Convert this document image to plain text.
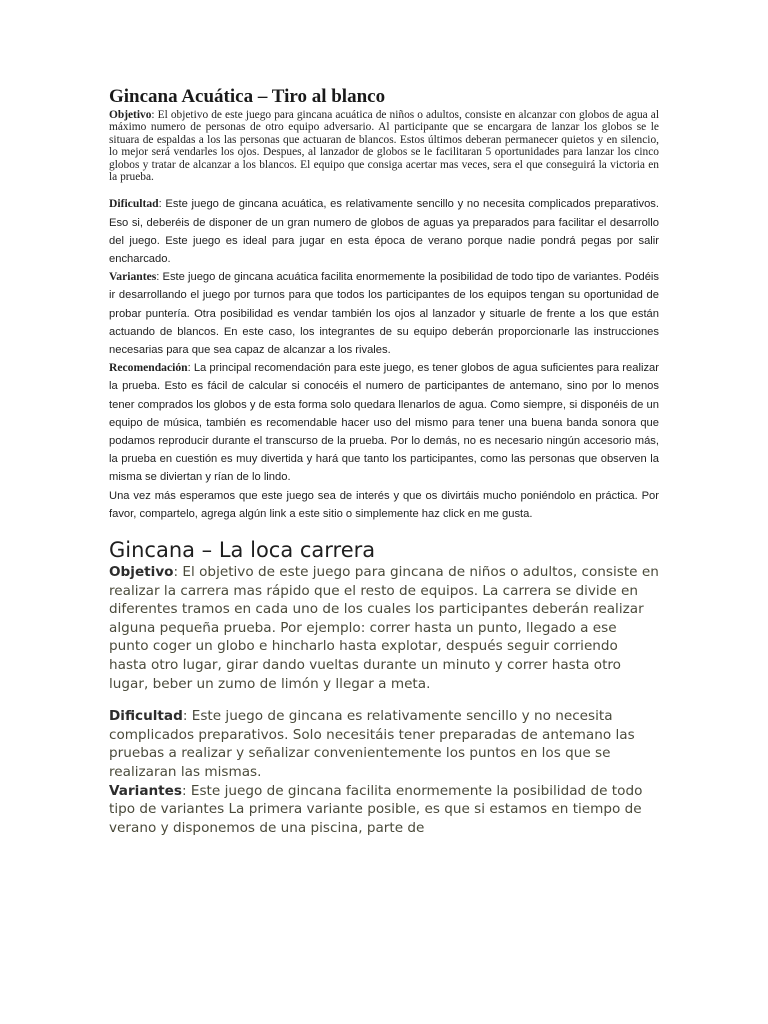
Gincana Acuática – Tiro al blanco

Objetivo: El objetivo de este juego para gincana acuática de niños o adultos, consiste en alcanzar con globos de agua al máximo numero de personas de otro equipo adversario. Al participante que se encargara de lanzar los globos se le situara de espaldas a los las personas que actuaran de blancos. Estos últimos deberan permanecer quietos y en silencio, lo mejor será vendarles los ojos. Despues, al lanzador de globos se le facilitaran 5 oportunidades para lanzar los cinco globos y tratar de alcanzar a los blancos. El equipo que consiga acertar mas veces, sera el que conseguirá la victoria en la prueba.

Dificultad: Este juego de gincana acuática, es relativamente sencillo y no necesita complicados preparativos. Eso si, deberéis de disponer de un gran numero de globos de aguas ya preparados para facilitar el desarrollo del juego. Este juego es ideal para jugar en esta época de verano porque nadie pondrá pegas por salir encharcado.

Variantes: Este juego de gincana acuática facilita enormemente la posibilidad de todo tipo de variantes. Podéis ir desarrollando el juego por turnos para que todos los participantes de los equipos tengan su oportunidad de probar puntería. Otra posibilidad es vendar también los ojos al lanzador y situarle de frente a los que están actuando de blancos. En este caso, los integrantes de su equipo deberán proporcionarle las instrucciones necesarias para que sea capaz de alcanzar a los rivales.

Recomendación: La principal recomendación para este juego, es tener globos de agua suficientes para realizar la prueba. Esto es fácil de calcular si conocéis el numero de participantes de antemano, sino por lo menos tener comprados los globos y de esta forma solo quedara llenarlos de agua. Como siempre, si disponéis de un equipo de música, también es recomendable hacer uso del mismo para tener una buena banda sonora que podamos reproducir durante el transcurso de la prueba. Por lo demás, no es necesario ningún accesorio más, la prueba en cuestión es muy divertida y hará que tanto los participantes, como las personas que observen la misma se diviertan y rían de lo lindo.

Una vez más esperamos que este juego sea de interés y que os divirtáis mucho poniéndolo en práctica. Por favor, compartelo, agrega algún link a este sitio o simplemente haz click en me gusta.

Gincana – La loca carrera

Objetivo: El objetivo de este juego para gincana de niños o adultos, consiste en realizar la carrera mas rápido que el resto de equipos. La carrera se divide en diferentes tramos en cada uno de los cuales los participantes deberán realizar alguna pequeña prueba. Por ejemplo: correr hasta un punto, llegado a ese punto coger un globo e hincharlo hasta explotar, después seguir corriendo hasta otro lugar, girar dando vueltas durante un minuto y correr hasta otro lugar, beber un zumo de limón y llegar a meta.

Dificultad: Este juego de gincana es relativamente sencillo y no necesita complicados preparativos. Solo necesitáis tener preparadas de antemano las pruebas a realizar y señalizar convenientemente los puntos en los que se realizaran las mismas.

Variantes: Este juego de gincana facilita enormemente la posibilidad de todo tipo de variantes La primera variante posible, es que si estamos en tiempo de verano y disponemos de una piscina, parte de
